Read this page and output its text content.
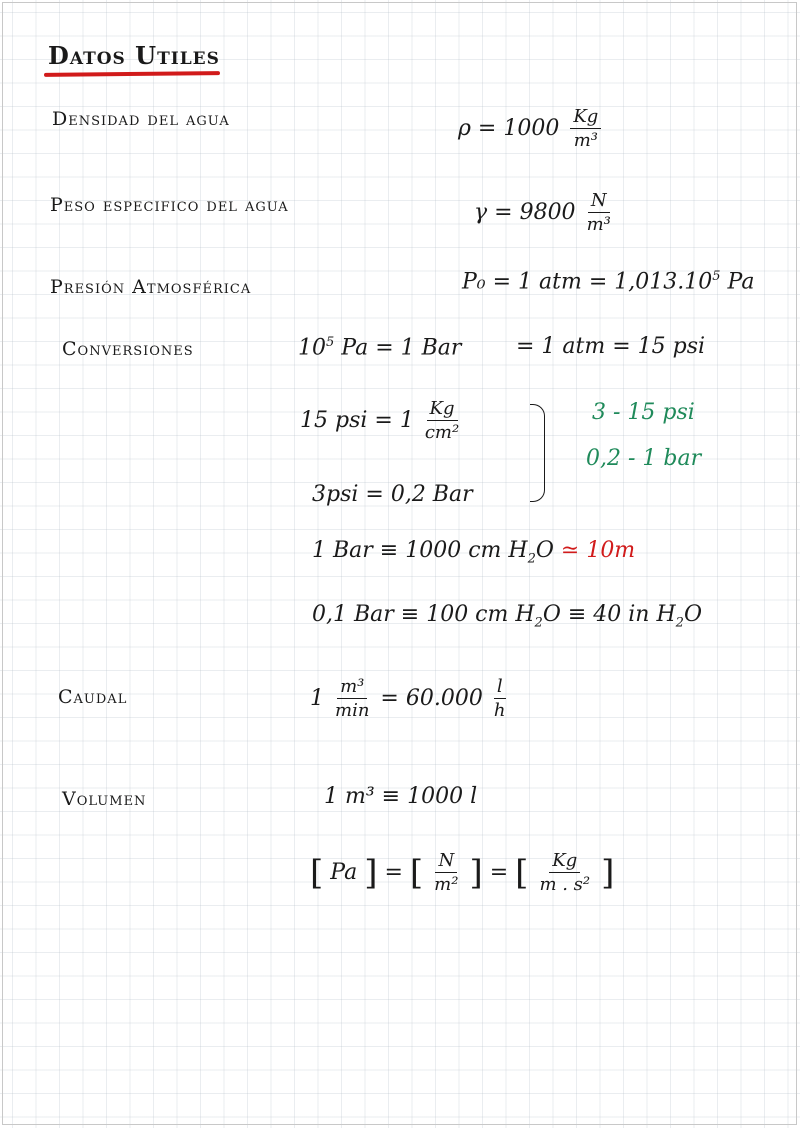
Datos Utiles
Densidad del agua	$\rho = 1000 \frac{Kg}{\text{m³}}$
Peso especifico del agua	$\gamma = 9800 \frac{N}{\text{m³}}$
Presión Atmosférica	P₀ = 1 atm = $1,013.10^5$ Pa
Conversiones	$10^5$ Pa = 1 Bar = 1 atm = 15 psi
15 psi = $1 \frac{Kg}{\text{cm²}}$	3 - 15 psi
0,2 - 1 bar
3psi = 0,2 Bar
1 Bar ≡ 1000 cm $H_2O$ ≃ 10m
0,1 Bar ≡ 100 cm $H_2O \equiv 40$ in $H_2O$
Caudal	$1 \frac{\text{m³}}{\min} = 60.000 \frac{l}{h}$
Volumen	1 m³ ≡ 1000 l
[ Pa ] = [ $\frac{N}{\text{m²}}$ ] = [ $\frac{Kg}{\text{m . s²}}$ ]
